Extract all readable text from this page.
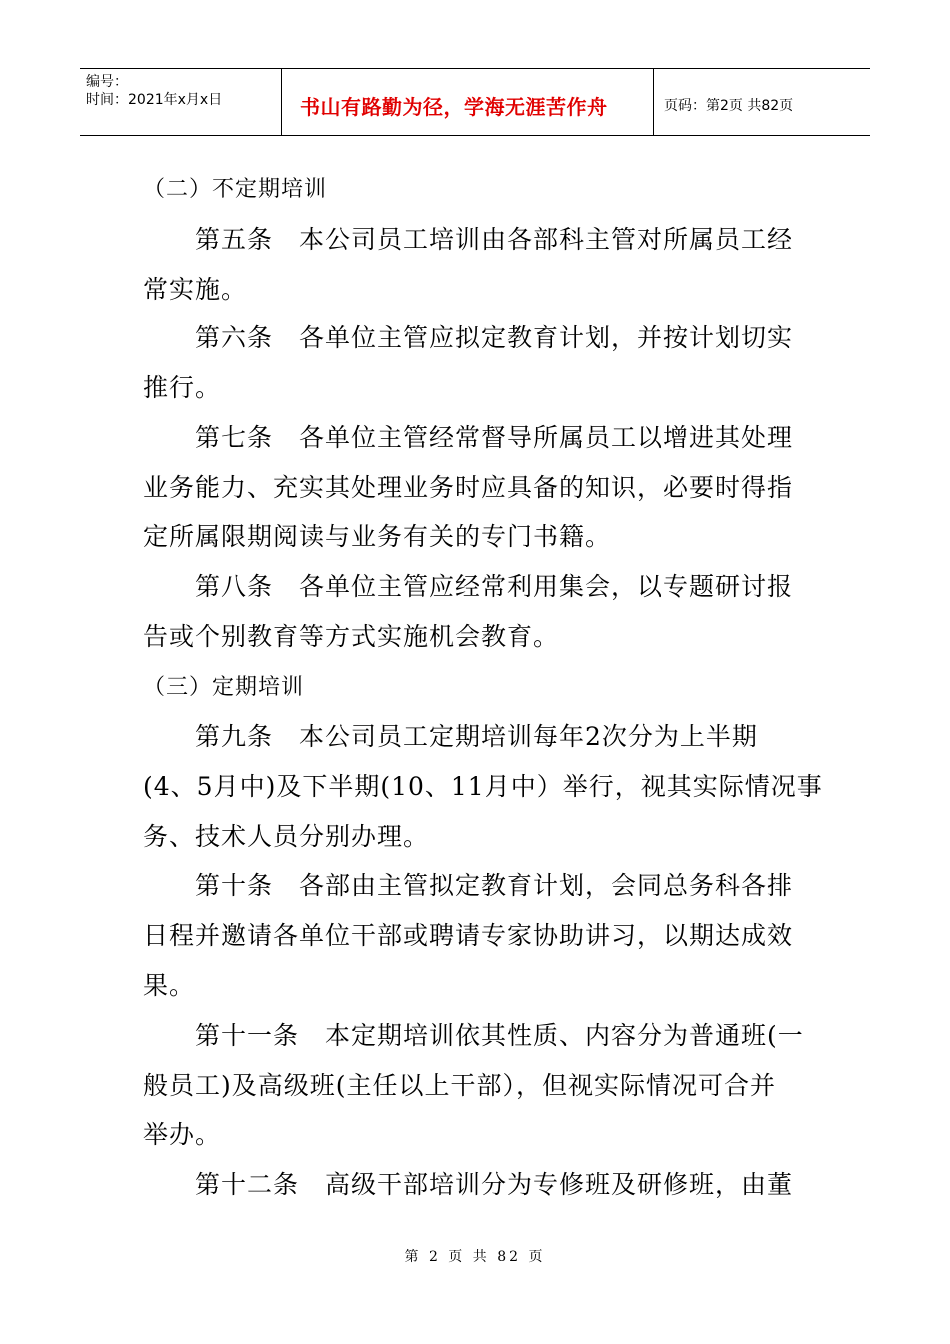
编号：
时间：2021年x月x日	书山有路勤为径，学海无涯苦作舟	页码：第2页 共82页
（二）不定期培训
　　第五条　本公司员工培训由各部科主管对所属员工经
常实施。
　　第六条　各单位主管应拟定教育计划，并按计划切实
推行。
　　第七条　各单位主管经常督导所属员工以增进其处理
业务能力、充实其处理业务时应具备的知识，必要时得指
定所属限期阅读与业务有关的专门书籍。
　　第八条　各单位主管应经常利用集会，以专题研讨报
告或个别教育等方式实施机会教育。
（三）定期培训
　　第九条　本公司员工定期培训每年2次分为上半期
(4、5月中)及下半期(10、11月中）举行，视其实际情况事
务、技术人员分别办理。
　　第十条　各部由主管拟定教育计划，会同总务科各排
日程并邀请各单位干部或聘请专家协助讲习，以期达成效
果。
　　第十一条　本定期培训依其性质、内容分为普通班(一
般员工)及高级班(主任以上干部），但视实际情况可合并
举办。
　　第十二条　高级干部培训分为专修班及研修班，由董
第 2 页 共 82 页
